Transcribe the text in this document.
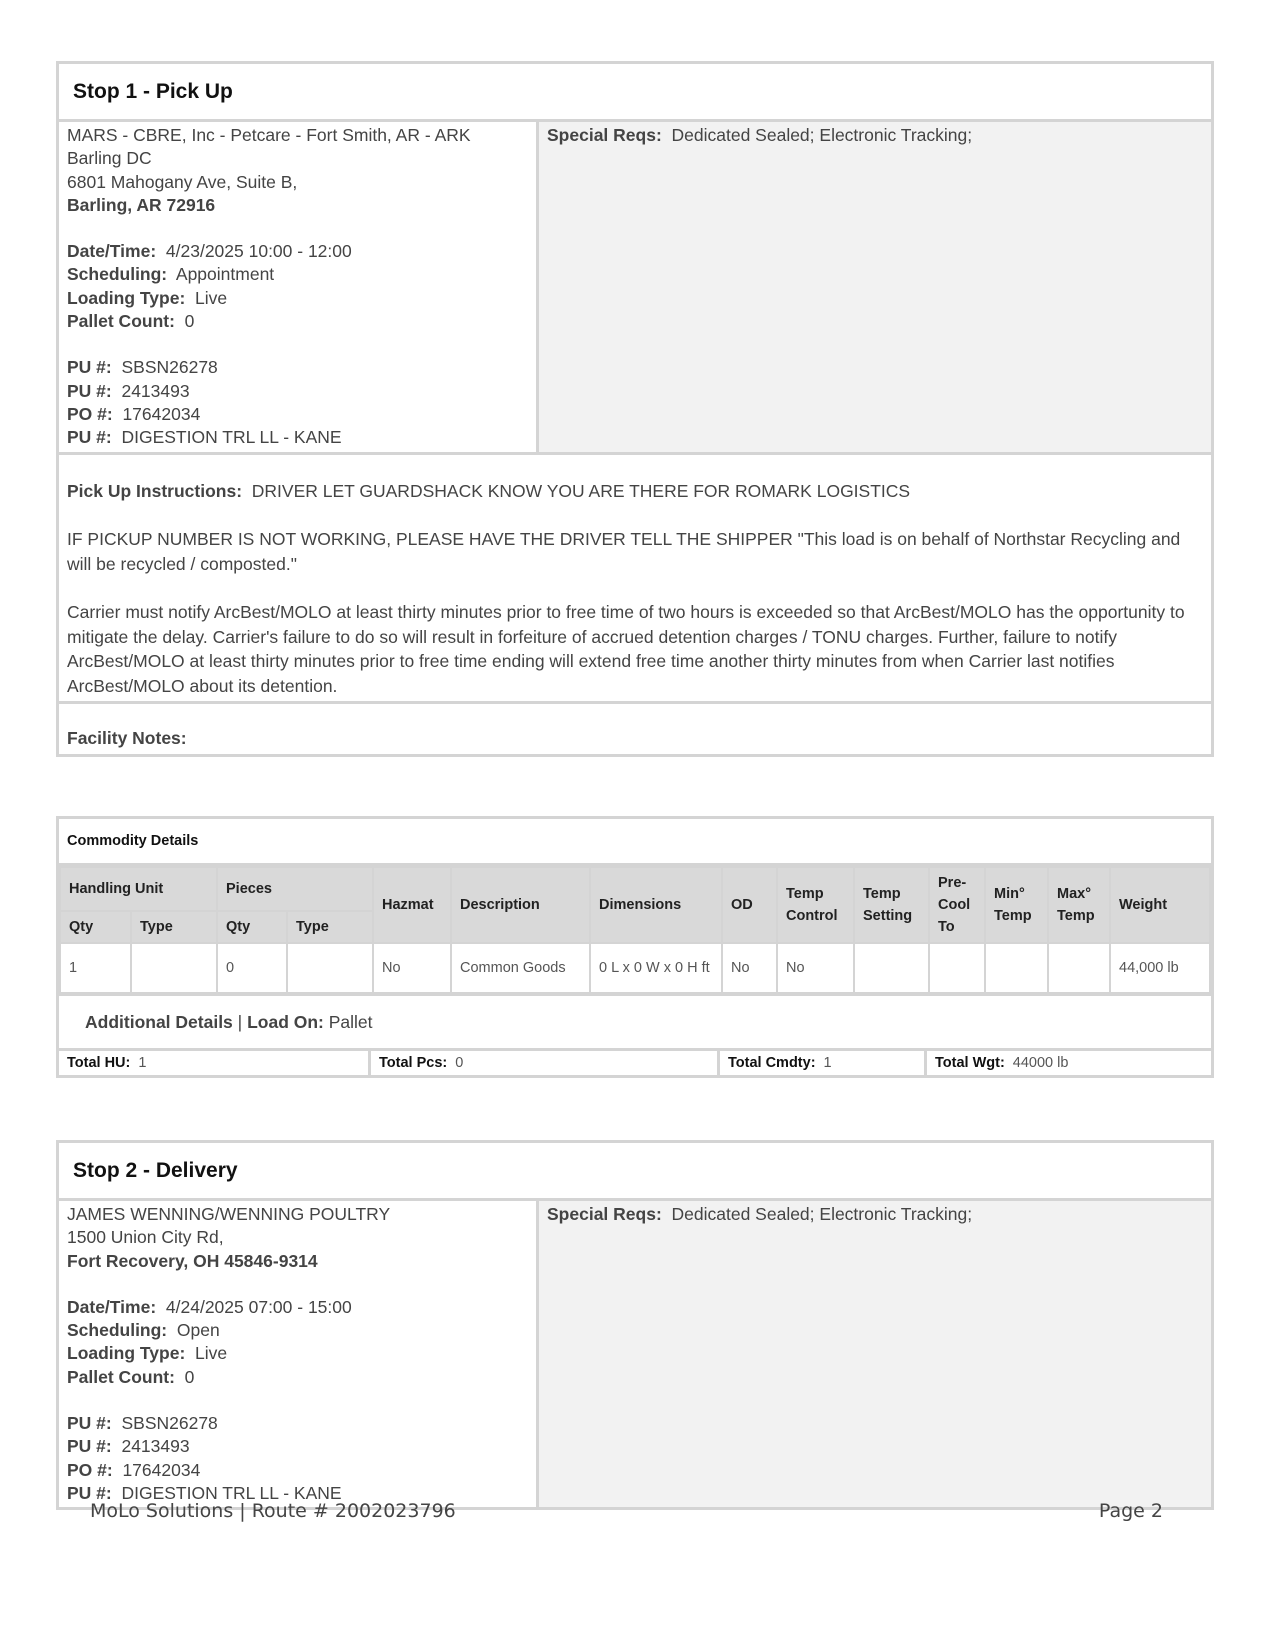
Stop 1 - Pick Up
MARS - CBRE, Inc - Petcare - Fort Smith, AR - ARK
Barling DC
6801 Mahogany Ave, Suite B,
Barling, AR 72916
Date/Time: 4/23/2025 10:00 - 12:00
Scheduling: Appointment
Loading Type: Live
Pallet Count: 0
PU #: SBSN26278
PU #: 2413493
PO #: 17642034
PU #: DIGESTION TRL LL - KANE
Special Reqs: Dedicated Sealed; Electronic Tracking;

Pick Up Instructions: DRIVER LET GUARDSHACK KNOW YOU ARE THERE FOR ROMARK LOGISTICS

IF PICKUP NUMBER IS NOT WORKING, PLEASE HAVE THE DRIVER TELL THE SHIPPER "This load is on behalf of Northstar Recycling and will be recycled / composted."

Carrier must notify ArcBest/MOLO at least thirty minutes prior to free time of two hours is exceeded so that ArcBest/MOLO has the opportunity to mitigate the delay. Carrier's failure to do so will result in forfeiture of accrued detention charges / TONU charges. Further, failure to notify ArcBest/MOLO at least thirty minutes prior to free time ending will extend free time another thirty minutes from when Carrier last notifies ArcBest/MOLO about its detention.

Facility Notes:
Commodity Details
Handling Unit		Pieces		Hazmat	Description	Dimensions	OD	Temp Control	Temp Setting	Pre-Cool To	Min° Temp	Max° Temp	Weight
Qty	Type	Qty	Type										
1		0		No	Common Goods	0 L x 0 W x 0 H ft	No	No					44,000 lb
Additional Details | Load On:
Pallet
Total HU: 1	Total Pcs: 0	Total Cmdty: 1	Total Wgt: 44000 lb
Stop 2 - Delivery
JAMES WENNING/WENNING POULTRY
1500 Union City Rd,
Fort Recovery, OH 45846-9314
Date/Time: 4/24/2025 07:00 - 15:00
Scheduling: Open
Loading Type: Live
Pallet Count: 0
PU #: SBSN26278
PU #: 2413493
PO #: 17642034
PU #: DIGESTION TRL LL - KANE
Special Reqs: Dedicated Sealed; Electronic Tracking;
MoLo Solutions | Route # 2002023796	Page 2
